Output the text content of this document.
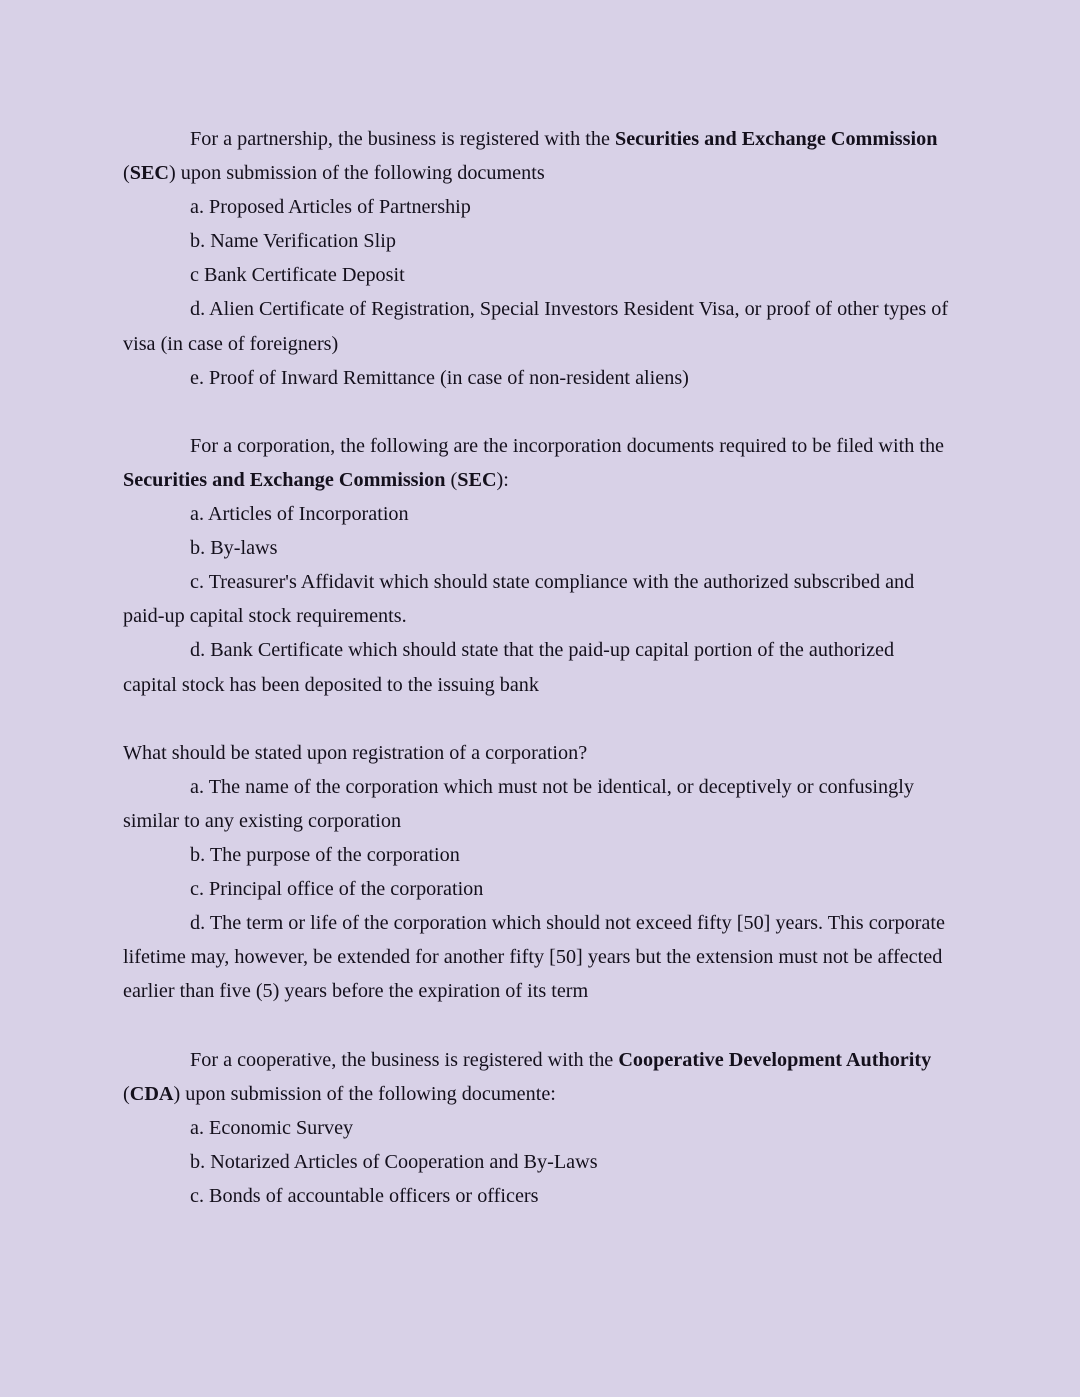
For a partnership, the business is registered with the Securities and Exchange Commission (SEC) upon submission of the following documents

a. Proposed Articles of Partnership

b. Name Verification Slip

c Bank Certificate Deposit

d. Alien Certificate of Registration, Special Investors Resident Visa, or proof of other types of visa (in case of foreigners)

e. Proof of Inward Remittance (in case of non-resident aliens)

For a corporation, the following are the incorporation documents required to be filed with the Securities and Exchange Commission (SEC):

a. Articles of Incorporation

b. By-laws

c. Treasurer's Affidavit which should state compliance with the authorized subscribed and paid-up capital stock requirements.

d. Bank Certificate which should state that the paid-up capital portion of the authorized capital stock has been deposited to the issuing bank

What should be stated upon registration of a corporation?

a. The name of the corporation which must not be identical, or deceptively or confusingly similar to any existing corporation

b. The purpose of the corporation

c. Principal office of the corporation

d. The term or life of the corporation which should not exceed fifty [50] years. This corporate lifetime may, however, be extended for another fifty [50] years but the extension must not be affected earlier than five (5) years before the expiration of its term

For a cooperative, the business is registered with the Cooperative Development Authority (CDA) upon submission of the following documente:

a. Economic Survey

b. Notarized Articles of Cooperation and By-Laws

c. Bonds of accountable officers or officers
